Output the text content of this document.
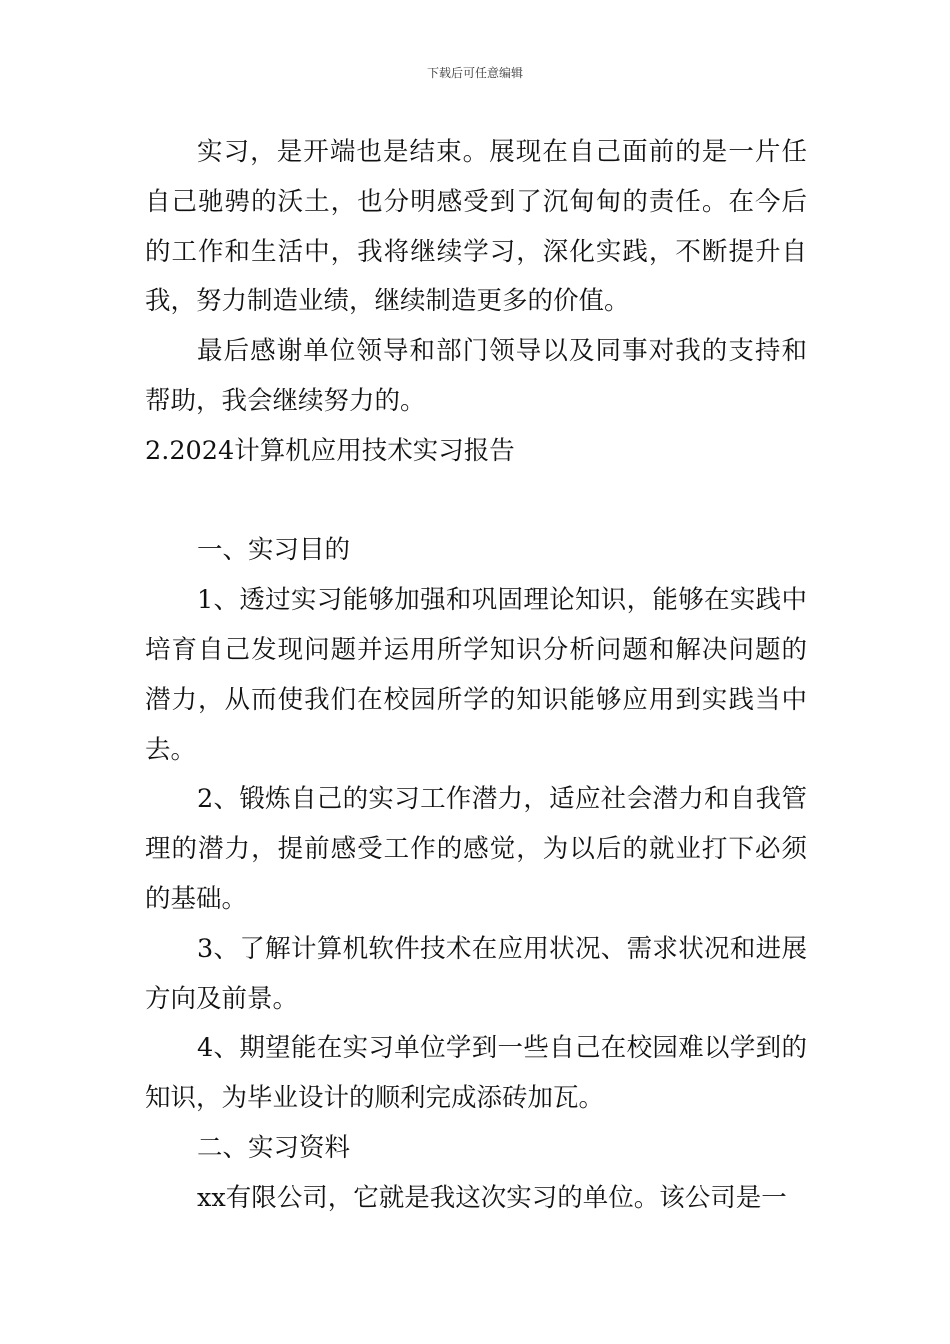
下载后可任意编辑

实习，是开端也是结束。展现在自己面前的是一片任自己驰骋的沃土，也分明感受到了沉甸甸的责任。在今后的工作和生活中，我将继续学习，深化实践，不断提升自我，努力制造业绩，继续制造更多的价值。

最后感谢单位领导和部门领导以及同事对我的支持和帮助，我会继续努力的。

2.2024计算机应用技术实习报告

一、实习目的

1、透过实习能够加强和巩固理论知识，能够在实践中培育自己发现问题并运用所学知识分析问题和解决问题的潜力，从而使我们在校园所学的知识能够应用到实践当中去。

2、锻炼自己的实习工作潜力，适应社会潜力和自我管理的潜力，提前感受工作的感觉，为以后的就业打下必须的基础。

3、了解计算机软件技术在应用状况、需求状况和进展方向及前景。

4、期望能在实习单位学到一些自己在校园难以学到的知识，为毕业设计的顺利完成添砖加瓦。

二、实习资料

xx有限公司，它就是我这次实习的单位。该公司是一
